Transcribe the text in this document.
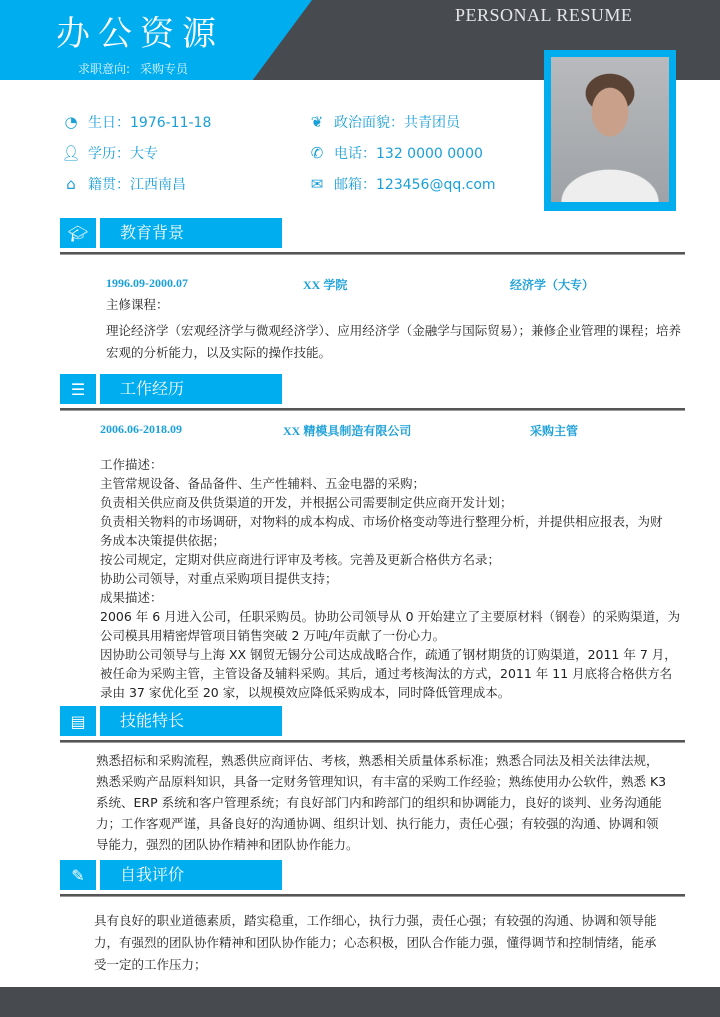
办公资源
求职意向: 采购专员
PERSONAL RESUME
◔ 生日：1976-11-18
👤︎ 学历：大专
⌂ 籍贯：江西南昌
❦ 政治面貌：共青团员
✆ 电话：132 0000 0000
✉ 邮箱：123456@qq.com
🎓︎	教育背景
1996.09-2000.07	XX 学院	经济学（大专）
主修课程：
理论经济学（宏观经济学与微观经济学）、应用经济学（金融学与国际贸易）；兼修企业管理的课程；培养
宏观的分析能力，以及实际的操作技能。
☰	工作经历
2006.06-2018.09	XX 精模具制造有限公司	采购主管
工作描述：
主管常规设备、备品备件、生产性辅料、五金电器的采购；
负责相关供应商及供货渠道的开发，并根据公司需要制定供应商开发计划；
负责相关物料的市场调研，对物料的成本构成、市场价格变动等进行整理分析，并提供相应报表，为财
务成本决策提供依据；
按公司规定，定期对供应商进行评审及考核。完善及更新合格供方名录；
协助公司领导，对重点采购项目提供支持；
成果描述：
2006 年 6 月进入公司，任职采购员。协助公司领导从 0 开始建立了主要原材料（钢卷）的采购渠道，为
公司模具用精密焊管项目销售突破 2 万吨/年贡献了一份心力。
因协助公司领导与上海 XX 钢贸无锡分公司达成战略合作，疏通了钢材期货的订购渠道，2011 年 7 月，
被任命为采购主管，主管设备及辅料采购。其后，通过考核淘汰的方式，2011 年 11 月底将合格供方名
录由 37 家优化至 20 家，以规模效应降低采购成本，同时降低管理成本。
▤	技能特长
熟悉招标和采购流程，熟悉供应商评估、考核，熟悉相关质量体系标准；熟悉合同法及相关法律法规，
熟悉采购产品原料知识，具备一定财务管理知识，有丰富的采购工作经验；熟练使用办公软件，熟悉 K3
系统、ERP 系统和客户管理系统；有良好部门内和跨部门的组织和协调能力，良好的谈判、业务沟通能
力；工作客观严谨，具备良好的沟通协调、组织计划、执行能力，责任心强；有较强的沟通、协调和领
导能力，强烈的团队协作精神和团队协作能力。
✎	自我评价
具有良好的职业道德素质，踏实稳重，工作细心，执行力强，责任心强；有较强的沟通、协调和领导能
力，有强烈的团队协作精神和团队协作能力；心态积极，团队合作能力强，懂得调节和控制情绪，能承
受一定的工作压力；
